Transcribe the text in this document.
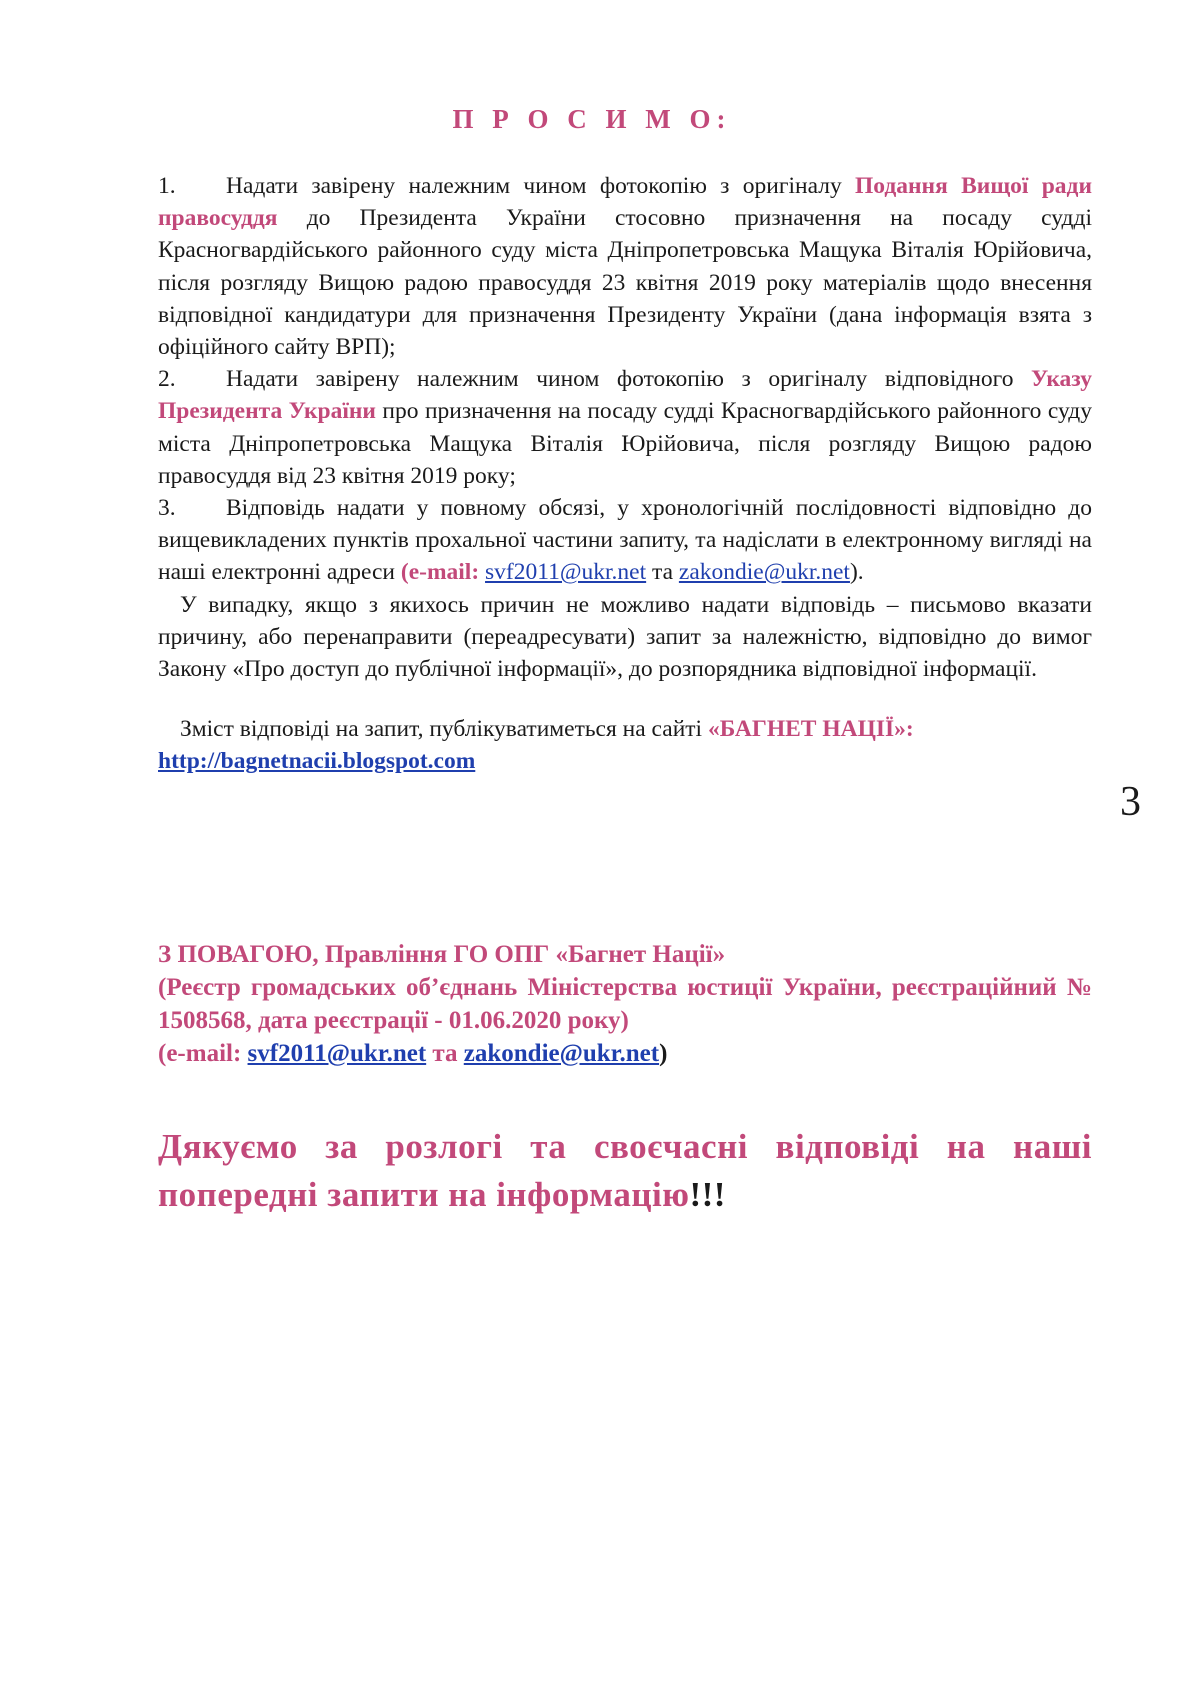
П Р О С И М О:

1. Надати завірену належним чином фотокопію з оригіналу Подання Вищої ради правосуддя до Президента України стосовно призначення на посаду судді Красногвардійського районного суду міста Дніпропетровська Мащука Віталія Юрійовича, після розгляду Вищою радою правосуддя 23 квітня 2019 року матеріалів щодо внесення відповідної кандидатури для призначення Президенту України (дана інформація взята з офіційного сайту ВРП);

2. Надати завірену належним чином фотокопію з оригіналу відповідного Указу Президента України про призначення на посаду судді Красногвардійського районного суду міста Дніпропетровська Мащука Віталія Юрійовича, після розгляду Вищою радою правосуддя від 23 квітня 2019 року;

3. Відповідь надати у повному обсязі, у хронологічній послідовності відповідно до вищевикладених пунктів прохальної частини запиту, та надіслати в електронному вигляді на наші електронні адреси (e-mail: svf2011@ukr.net та zakondie@ukr.net).

У випадку, якщо з якихось причин не можливо надати відповідь – письмово вказати причину, або перенаправити (переадресувати) запит за належністю, відповідно до вимог Закону «Про доступ до публічної інформації», до розпорядника відповідної інформації.

Зміст відповіді на запит, публікуватиметься на сайті «БАГНЕТ НАЦІЇ»:
http://bagnetnacii.blogspot.com

3

З ПОВАГОЮ, Правління ГО ОПГ «Багнет Нації»

(Реєстр громадських об’єднань Міністерства юстиції України, реєстраційний № 1508568, дата реєстрації - 01.06.2020 року)

(e-mail: svf2011@ukr.net та zakondie@ukr.net)

Дякуємо за розлогі та своєчасні відповіді на наші попередні запити на інформацію!!!
